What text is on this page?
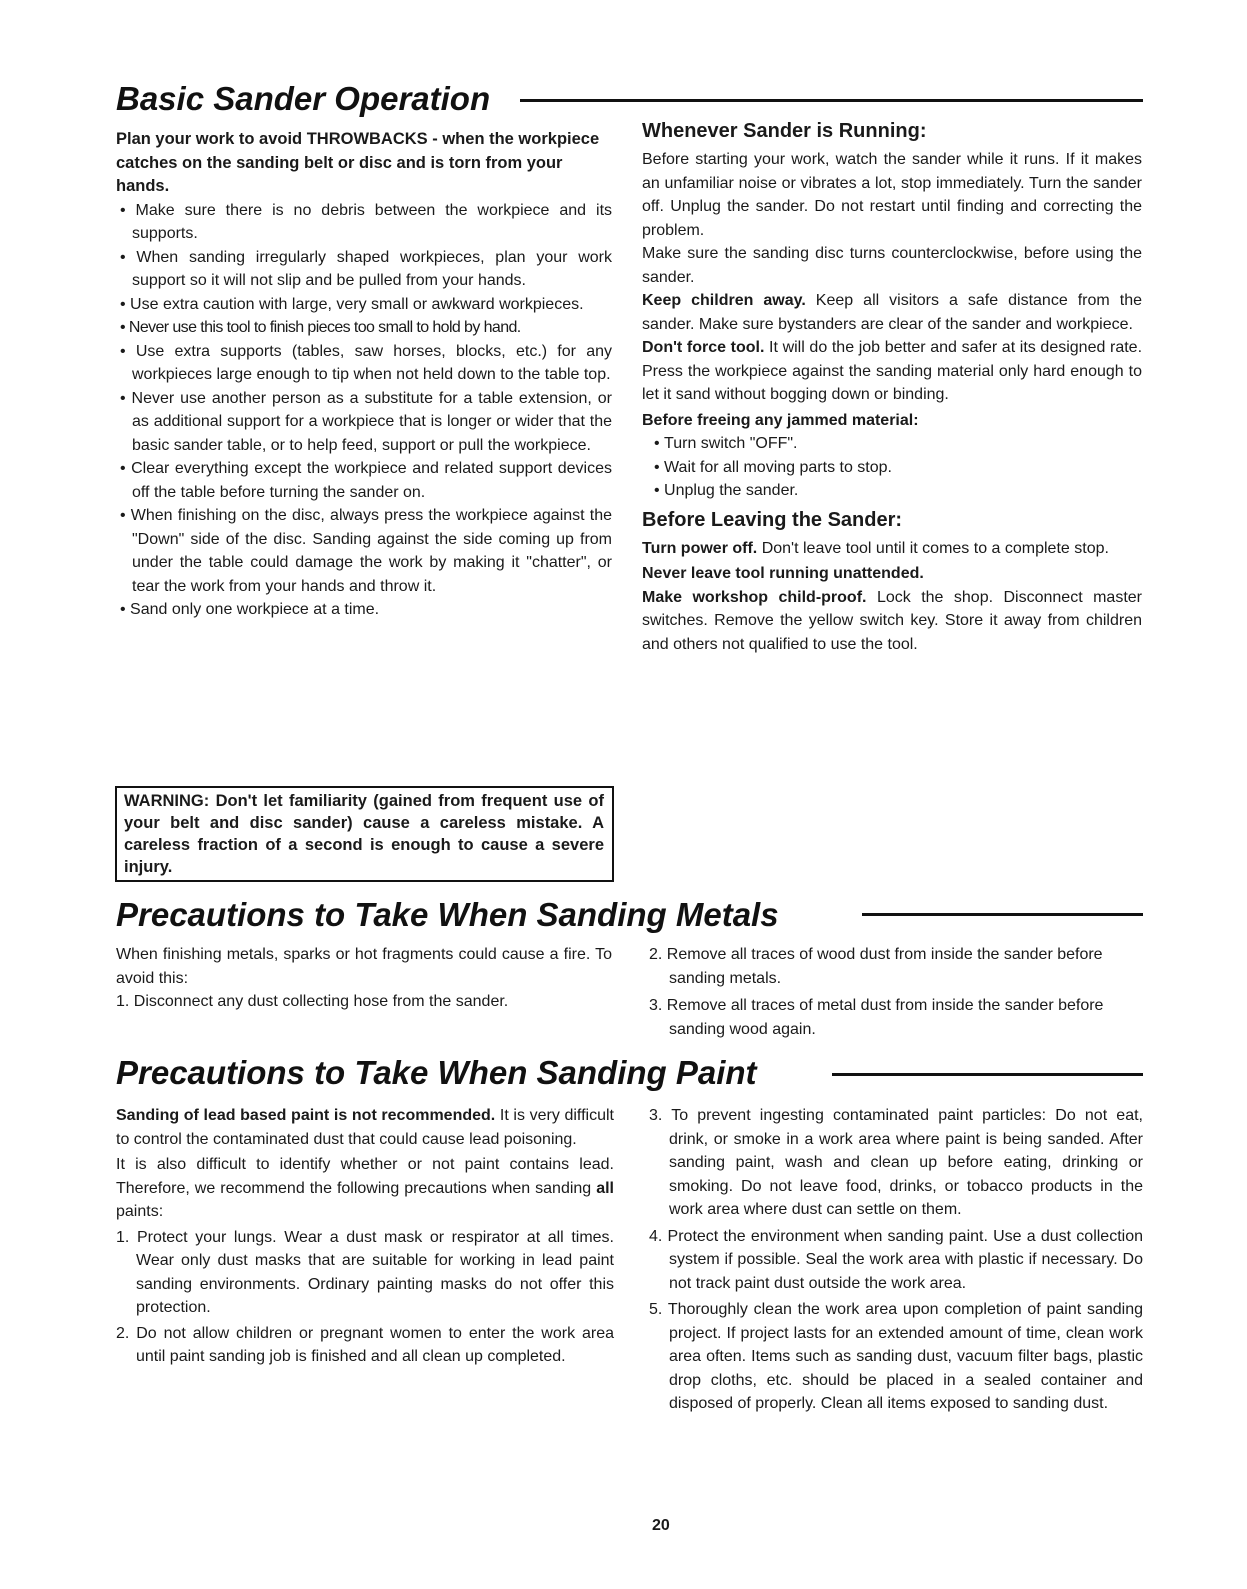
Basic Sander Operation

Plan your work to avoid THROWBACKS - when the workpiece catches on the sanding belt or disc and is torn from your hands.

• Make sure there is no debris between the workpiece and its supports.

• When sanding irregularly shaped workpieces, plan your work support so it will not slip and be pulled from your hands.

• Use extra caution with large, very small or awkward workpieces.

• Never use this tool to finish pieces too small to hold by hand.

• Use extra supports (tables, saw horses, blocks, etc.) for any workpieces large enough to tip when not held down to the table top.

• Never use another person as a substitute for a table extension, or as additional support for a workpiece that is longer or wider that the basic sander table, or to help feed, support or pull the workpiece.

• Clear everything except the workpiece and related support devices off the table before turning the sander on.

• When finishing on the disc, always press the workpiece against the "Down" side of the disc. Sanding against the side coming up from under the table could damage the work by making it "chatter", or tear the work from your hands and throw it.

• Sand only one workpiece at a time.

WARNING: Don't let familiarity (gained from frequent use of your belt and disc sander) cause a careless mistake. A careless fraction of a second is enough to cause a severe injury.

Whenever Sander is Running:

Before starting your work, watch the sander while it runs. If it makes an unfamiliar noise or vibrates a lot, stop immediately. Turn the sander off. Unplug the sander. Do not restart until finding and correcting the problem.

Make sure the sanding disc turns counterclockwise, before using the sander.

Keep children away. Keep all visitors a safe distance from the sander. Make sure bystanders are clear of the sander and workpiece.

Don't force tool. It will do the job better and safer at its designed rate. Press the workpiece against the sanding material only hard enough to let it sand without bogging down or binding.

Before freeing any jammed material:

• Turn switch "OFF".

• Wait for all moving parts to stop.

• Unplug the sander.

Before Leaving the Sander:

Turn power off. Don't leave tool until it comes to a complete stop.

Never leave tool running unattended.

Make workshop child-proof. Lock the shop. Disconnect master switches. Remove the yellow switch key. Store it away from children and others not qualified to use the tool.

Precautions to Take When Sanding Metals

When finishing metals, sparks or hot fragments could cause a fire. To avoid this:

1. Disconnect any dust collecting hose from the sander.

2. Remove all traces of wood dust from inside the sander before sanding metals.

3. Remove all traces of metal dust from inside the sander before sanding wood again.

Precautions to Take When Sanding Paint

Sanding of lead based paint is not recommended. It is very difficult to control the contaminated dust that could cause lead poisoning.

It is also difficult to identify whether or not paint contains lead. Therefore, we recommend the following precautions when sanding all paints:

1. Protect your lungs. Wear a dust mask or respirator at all times. Wear only dust masks that are suitable for working in lead paint sanding environments. Ordinary painting masks do not offer this protection.

2. Do not allow children or pregnant women to enter the work area until paint sanding job is finished and all clean up completed.

3. To prevent ingesting contaminated paint particles: Do not eat, drink, or smoke in a work area where paint is being sanded. After sanding paint, wash and clean up before eating, drinking or smoking. Do not leave food, drinks, or tobacco products in the work area where dust can settle on them.

4. Protect the environment when sanding paint. Use a dust collection system if possible. Seal the work area with plastic if necessary. Do not track paint dust outside the work area.

5. Thoroughly clean the work area upon completion of paint sanding project. If project lasts for an extended amount of time, clean work area often. Items such as sanding dust, vacuum filter bags, plastic drop cloths, etc. should be placed in a sealed container and disposed of properly. Clean all items exposed to sanding dust.

20
